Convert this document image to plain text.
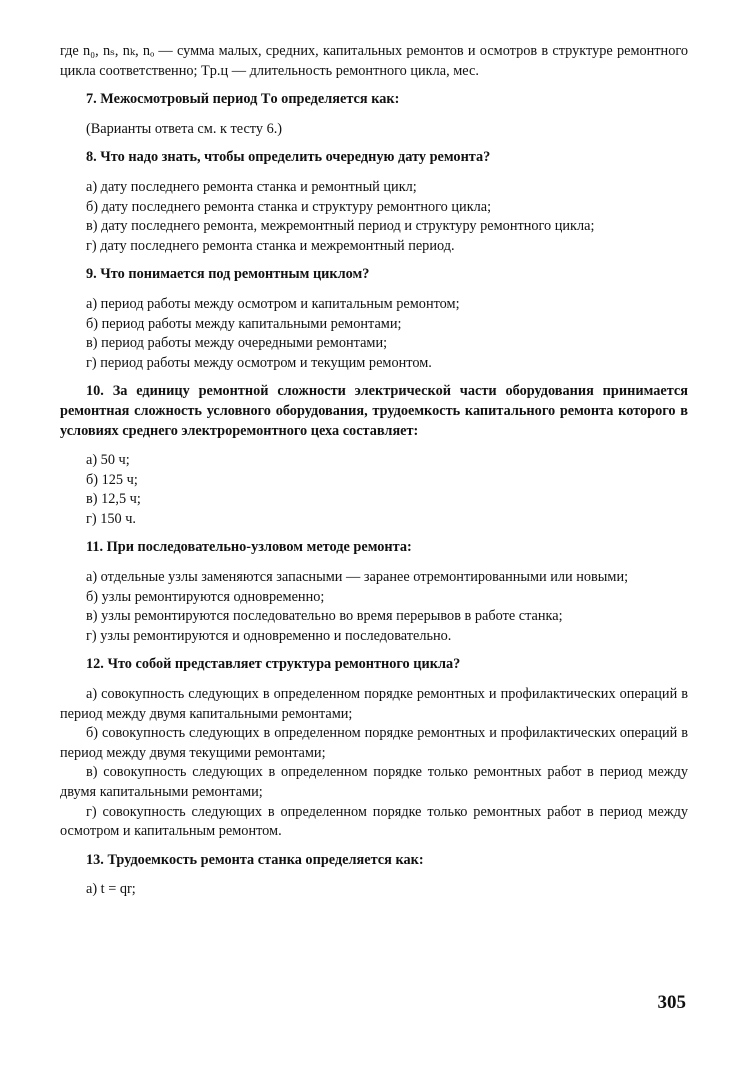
где n₀, nₛ, nₖ, nₒ — сумма малых, средних, капитальных ремонтов и осмотров в структуре ремонтного цикла соответственно; Tр.ц — длительность ремонтного цикла, мес.

7. Межосмотровый период Tо определяется как:

(Варианты ответа см. к тесту 6.)

8. Что надо знать, чтобы определить очередную дату ремонта?

а) дату последнего ремонта станка и ремонтный цикл;

б) дату последнего ремонта станка и структуру ремонтного цикла;

в) дату последнего ремонта, межремонтный период и структуру ремонтного цикла;

г) дату последнего ремонта станка и межремонтный период.

9. Что понимается под ремонтным циклом?

а) период работы между осмотром и капитальным ремонтом;

б) период работы между капитальными ремонтами;

в) период работы между очередными ремонтами;

г) период работы между осмотром и текущим ремонтом.

10. За единицу ремонтной сложности электрической части оборудования принимается ремонтная сложность условного оборудования, трудоемкость капитального ремонта которого в условиях среднего электроремонтного цеха составляет:

а) 50 ч;

б) 125 ч;

в) 12,5 ч;

г) 150 ч.

11. При последовательно-узловом методе ремонта:

а) отдельные узлы заменяются запасными — заранее отремонтированными или новыми;

б) узлы ремонтируются одновременно;

в) узлы ремонтируются последовательно во время перерывов в работе станка;

г) узлы ремонтируются и одновременно и последовательно.

12. Что собой представляет структура ремонтного цикла?

а) совокупность следующих в определенном порядке ремонтных и профилактических операций в период между двумя капитальными ремонтами;

б) совокупность следующих в определенном порядке ремонтных и профилактических операций в период между двумя текущими ремонтами;

в) совокупность следующих в определенном порядке только ремонтных работ в период между двумя капитальными ремонтами;

г) совокупность следующих в определенном порядке только ремонтных работ в период между осмотром и капитальным ремонтом.

13. Трудоемкость ремонта станка определяется как:

а) t = qr;

305
